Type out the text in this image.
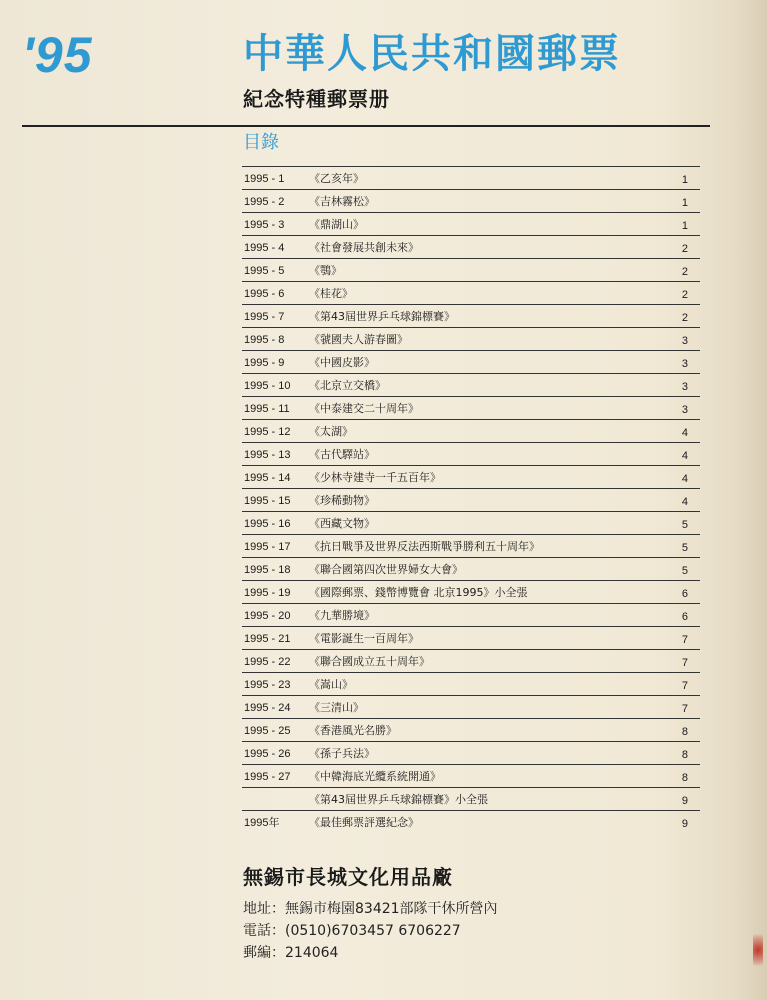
'95	中華人民共和國郵票
紀念特種郵票册
目錄
1995 - 1 《乙亥年》	1
1995 - 2 《吉林霧松》	1
1995 - 3 《鼎湖山》	1
1995 - 4 《社會發展共創未來》	2
1995 - 5 《鶚》	2
1995 - 6 《桂花》	2
1995 - 7 《第43屆世界乒乓球錦標賽》	2
1995 - 8 《虢國夫人游春圖》	3
1995 - 9 《中國皮影》	3
1995 - 10 《北京立交橋》	3
1995 - 11 《中泰建交二十周年》	3
1995 - 12 《太湖》	4
1995 - 13 《古代驛站》	4
1995 - 14 《少林寺建寺一千五百年》	4
1995 - 15 《珍稀動物》	4
1995 - 16 《西藏文物》	5
1995 - 17 《抗日戰爭及世界反法西斯戰爭勝利五十周年》	5
1995 - 18 《聯合國第四次世界婦女大會》	5
1995 - 19 《國際郵票、錢幣博覽會 北京1995》小全張	6
1995 - 20 《九華勝境》	6
1995 - 21 《電影誕生一百周年》	7
1995 - 22 《聯合國成立五十周年》	7
1995 - 23 《嵩山》	7
1995 - 24 《三清山》	7
1995 - 25 《香港風光名勝》	8
1995 - 26 《孫子兵法》	8
1995 - 27 《中韓海底光纜系統開通》	8
《第43屆世界乒乓球錦標賽》小全張	9
1995年	《最佳郵票評選紀念》	9
無錫市長城文化用品廠
地址：無錫市梅園83421部隊干休所營內
電話：(0510)6703457 6706227
郵編：214064
